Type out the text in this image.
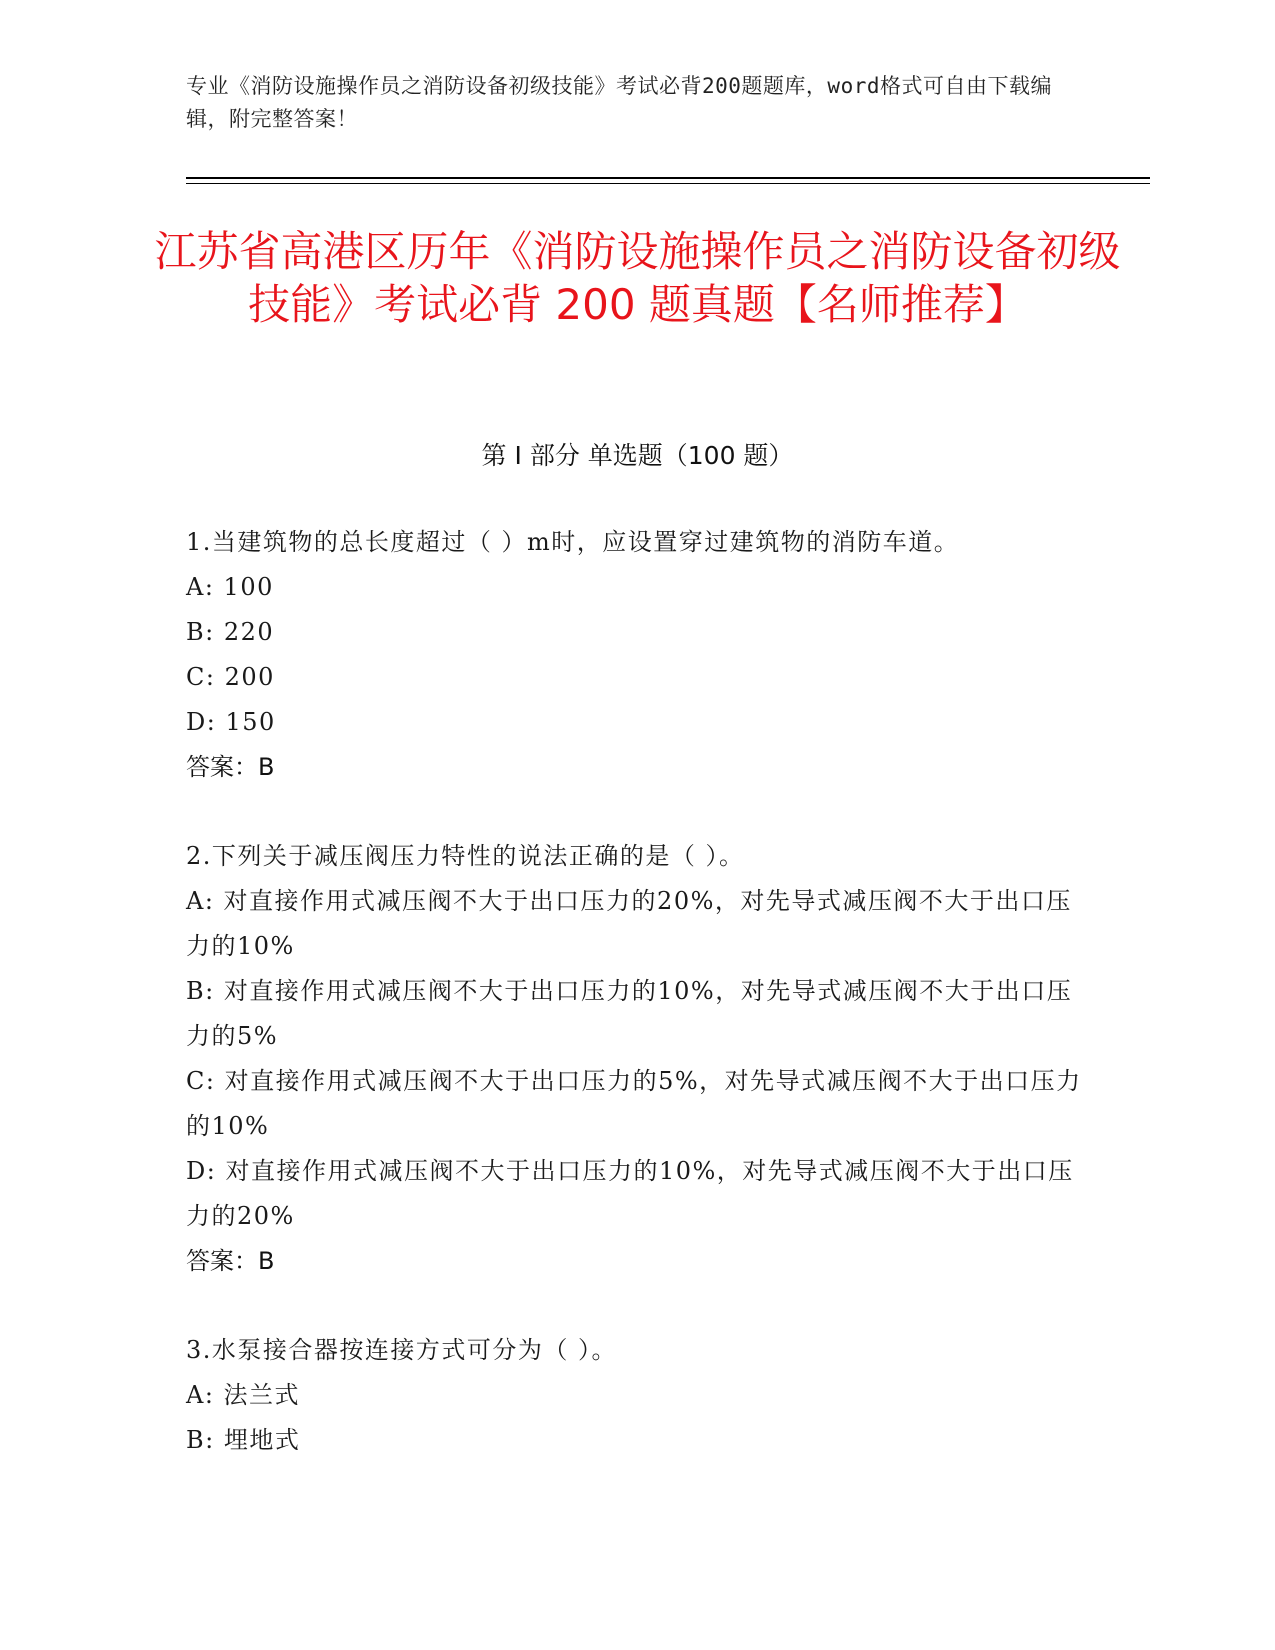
专业《消防设施操作员之消防设备初级技能》考试必背200题题库，word格式可自由下载编辑，附完整答案！
江苏省高港区历年《消防设施操作员之消防设备初级技能》考试必背 200 题真题【名师推荐】
第 I 部分 单选题（100 题）

1.当建筑物的总长度超过（ ）m时，应设置穿过建筑物的消防车道。

A: 100

B: 220

C: 200

D: 150

答案：B

2.下列关于减压阀压力特性的说法正确的是（ ）。

A: 对直接作用式减压阀不大于出口压力的20%，对先导式减压阀不大于出口压力的10%

B: 对直接作用式减压阀不大于出口压力的10%，对先导式减压阀不大于出口压力的5%

C: 对直接作用式减压阀不大于出口压力的5%，对先导式减压阀不大于出口压力的10%

D: 对直接作用式减压阀不大于出口压力的10%，对先导式减压阀不大于出口压力的20%

答案：B

3.水泵接合器按连接方式可分为（ ）。

A: 法兰式

B: 埋地式
